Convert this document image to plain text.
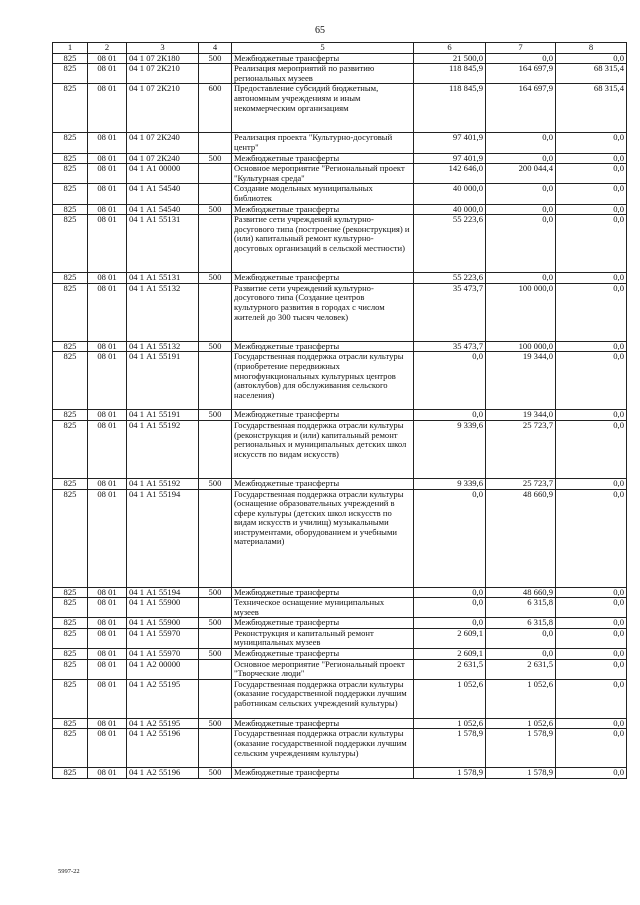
65
1	2	3	4	5	6	7	8
825	08 01	04 1 07 2К180	500	Межбюджетные трансферты	21 500,0	0,0	0,0
825	08 01	04 1 07 2К210		Реализация мероприятий по развитию региональных музеев	118 845,9	164 697,9	68 315,4
825	08 01	04 1 07 2К210	600	Предоставление субсидий бюджетным, автономным учреждениям и иным некоммерческим организациям	118 845,9	164 697,9	68 315,4
825	08 01	04 1 07 2К240		Реализация проекта "Культурно-досуговый центр"	97 401,9	0,0	0,0
825	08 01	04 1 07 2К240	500	Межбюджетные трансферты	97 401,9	0,0	0,0
825	08 01	04 1 А1 00000		Основное мероприятие "Региональный проект "Культурная среда"	142 646,0	200 044,4	0,0
825	08 01	04 1 А1 54540		Создание модельных муниципальных библиотек	40 000,0	0,0	0,0
825	08 01	04 1 А1 54540	500	Межбюджетные трансферты	40 000,0	0,0	0,0
825	08 01	04 1 А1 55131		Развитие сети учреждений культурно-досугового типа (построение (реконструкция) и (или) капитальный ремонт культурно-досуговых организаций в сельской местности)	55 223,6	0,0	0,0
825	08 01	04 1 А1 55131	500	Межбюджетные трансферты	55 223,6	0,0	0,0
825	08 01	04 1 А1 55132		Развитие сети учреждений культурно-досугового типа (Создание центров культурного развития в городах с числом жителей до 300 тысяч человек)	35 473,7	100 000,0	0,0
825	08 01	04 1 А1 55132	500	Межбюджетные трансферты	35 473,7	100 000,0	0,0
825	08 01	04 1 А1 55191		Государственная поддержка отрасли культуры (приобретение передвижных многофункциональных культурных центров (автоклубов) для обслуживания сельского населения)	0,0	19 344,0	0,0
825	08 01	04 1 А1 55191	500	Межбюджетные трансферты	0,0	19 344,0	0,0
825	08 01	04 1 А1 55192		Государственная поддержка отрасли культуры (реконструкция и (или) капитальный ремонт региональных и муниципальных детских школ искусств по видам искусств)	9 339,6	25 723,7	0,0
825	08 01	04 1 А1 55192	500	Межбюджетные трансферты	9 339,6	25 723,7	0,0
825	08 01	04 1 А1 55194		Государственная поддержка отрасли культуры (оснащение образовательных учреждений в сфере культуры (детских школ искусств по видам искусств и училищ) музыкальными инструментами, оборудованием и учебными материалами)	0,0	48 660,9	0,0
825	08 01	04 1 А1 55194	500	Межбюджетные трансферты	0,0	48 660,9	0,0
825	08 01	04 1 А1 55900		Техническое оснащение муниципальных музеев	0,0	6 315,8	0,0
825	08 01	04 1 А1 55900	500	Межбюджетные трансферты	0,0	6 315,8	0,0
825	08 01	04 1 А1 55970		Реконструкция и капитальный ремонт муниципальных музеев	2 609,1	0,0	0,0
825	08 01	04 1 А1 55970	500	Межбюджетные трансферты	2 609,1	0,0	0,0
825	08 01	04 1 А2 00000		Основное мероприятие "Региональный проект "Творческие люди"	2 631,5	2 631,5	0,0
825	08 01	04 1 А2 55195		Государственная поддержка отрасли культуры (оказание государственной поддержки лучшим работникам сельских учреждений культуры)	1 052,6	1 052,6	0,0
825	08 01	04 1 А2 55195	500	Межбюджетные трансферты	1 052,6	1 052,6	0,0
825	08 01	04 1 А2 55196		Государственная поддержка отрасли культуры (оказание государственной поддержки лучшим сельским учреждениям культуры)	1 578,9	1 578,9	0,0
825	08 01	04 1 А2 55196	500	Межбюджетные трансферты	1 578,9	1 578,9	0,0
5997-22
